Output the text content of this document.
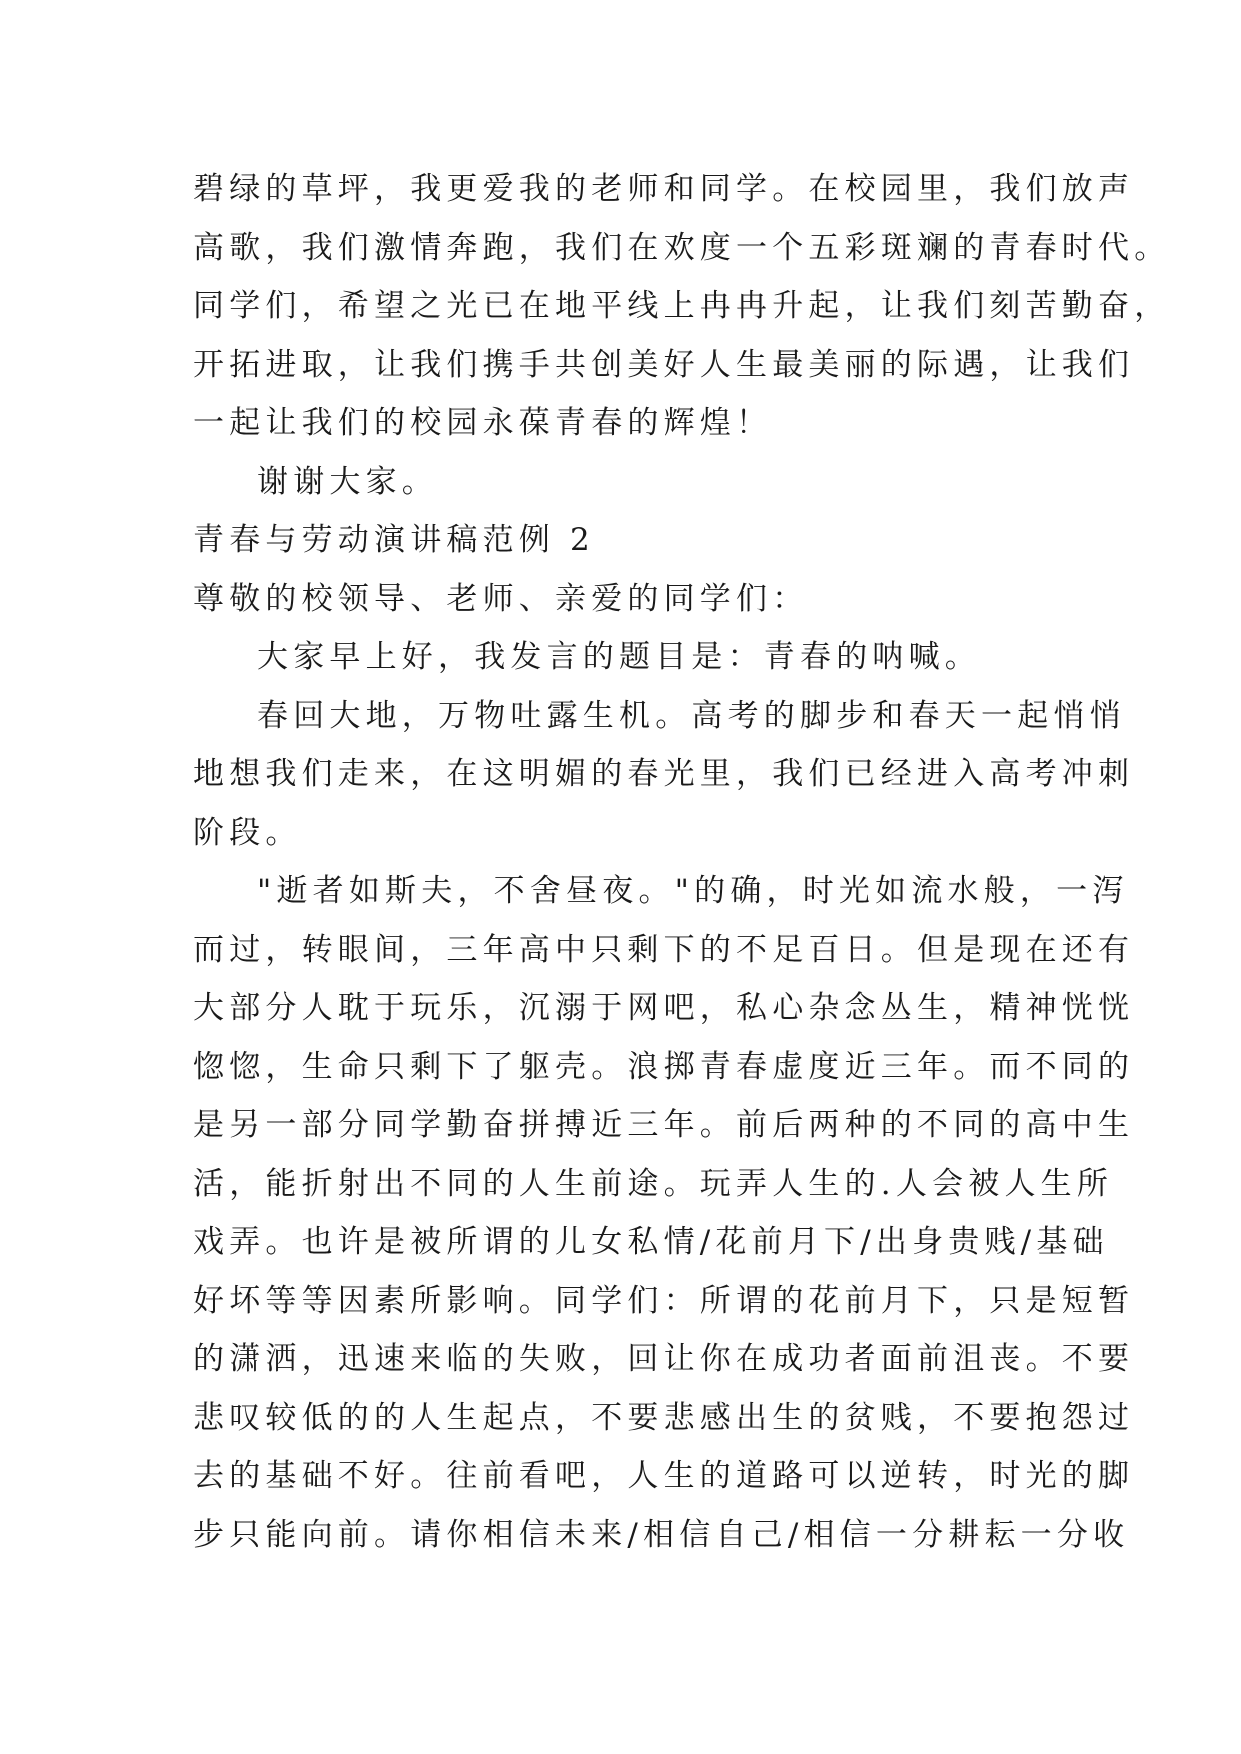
碧绿的草坪，我更爱我的老师和同学。在校园里，我们放声
高歌，我们激情奔跑，我们在欢度一个五彩斑斓的青春时代。
同学们，希望之光已在地平线上冉冉升起，让我们刻苦勤奋，
开拓进取，让我们携手共创美好人生最美丽的际遇，让我们
一起让我们的校园永葆青春的辉煌！
谢谢大家。
青春与劳动演讲稿范例 2
尊敬的校领导、老师、亲爱的同学们：
大家早上好，我发言的题目是：青春的呐喊。
春回大地，万物吐露生机。高考的脚步和春天一起悄悄
地想我们走来，在这明媚的春光里，我们已经进入高考冲刺
阶段。
"逝者如斯夫，不舍昼夜。"的确，时光如流水般，一泻
而过，转眼间，三年高中只剩下的不足百日。但是现在还有
大部分人耽于玩乐，沉溺于网吧，私心杂念丛生，精神恍恍
惚惚，生命只剩下了躯壳。浪掷青春虚度近三年。而不同的
是另一部分同学勤奋拼搏近三年。前后两种的不同的高中生
活，能折射出不同的人生前途。玩弄人生的.人会被人生所
戏弄。也许是被所谓的儿女私情/花前月下/出身贵贱/基础
好坏等等因素所影响。同学们：所谓的花前月下，只是短暂
的潇洒，迅速来临的失败，回让你在成功者面前沮丧。不要
悲叹较低的的人生起点，不要悲感出生的贫贱，不要抱怨过
去的基础不好。往前看吧，人生的道路可以逆转，时光的脚
步只能向前。请你相信未来/相信自己/相信一分耕耘一分收
